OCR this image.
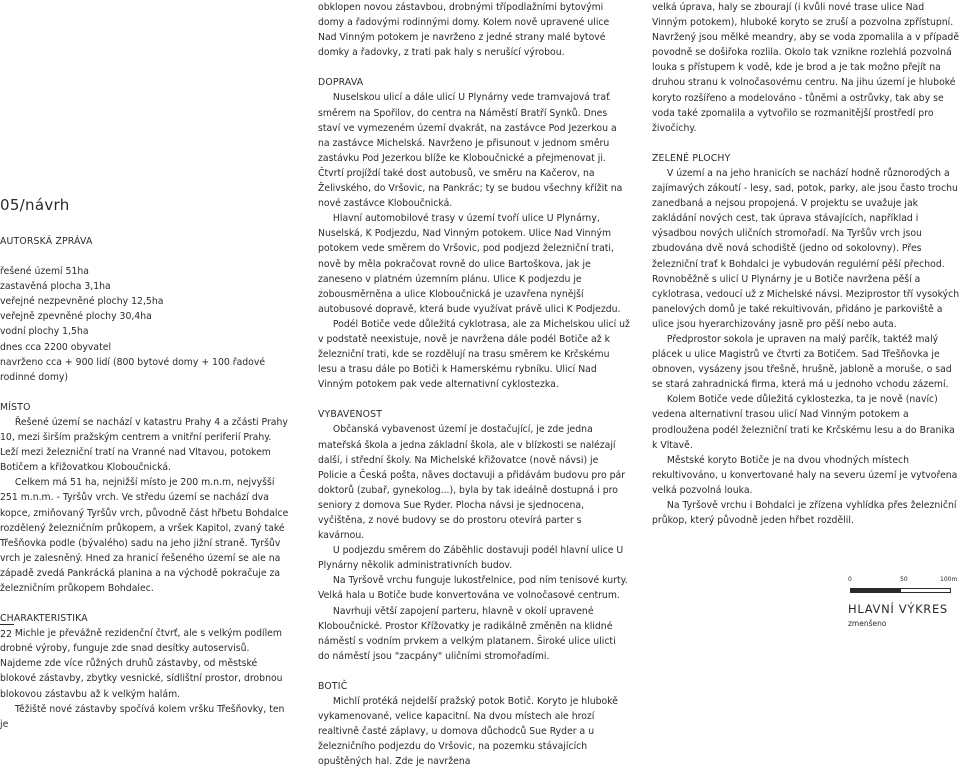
05/návrh

AUTORSKÁ ZPRÁVA

řešené území 51ha

zastavěná plocha 3,1ha

veřejné nezpevněné plochy 12,5ha

veřejně zpevněné plochy 30,4ha

vodní plochy 1,5ha

dnes cca 2200 obyvatel

navrženo cca + 900 lidí (800 bytové domy + 100 řadové rodinné domy)

MÍSTO

Řešené území se nachází v katastru Prahy 4 a zčásti Prahy 10, mezi širším pražským centrem a vnitřní periferií Prahy. Leží mezi železniční tratí na Vranné nad Vltavou, potokem Botičem a křižovatkou Kloboučnická.

Celkem má 51 ha, nejnižší místo je 200 m.n.m, nejvyšší 251 m.n.m. - Tyršův vrch. Ve středu území se nachází dva kopce, zmiňovaný Tyršův vrch, původně část hřbetu Bohdalce rozdělený železničním průkopem, a vršek Kapitol, zvaný také Třešňovka podle (bývalého) sadu na jeho jižní straně. Tyršův vrch je zalesněný. Hned za hranicí řešeného území se ale na západě zvedá Pankrácká planina a na východě pokračuje za železničním průkopem Bohdalec.

CHARAKTERISTIKA

Michle je převážně rezidenční čtvrť, ale s velkým podílem drobné výroby, funguje zde snad desítky autoservisů. Najdeme zde více růžných druhů zástavby, od městské blokové zástavby, zbytky vesnické, sídlištní prostor, drobnou blokovou zástavbu až k velkým halám.

Těžiště nové zástavby spočívá kolem vršku Třešňovky, ten je

22

obklopen novou zástavbou, drobnými třípodlažními bytovými domy a řadovými rodinnými domy. Kolem nově upravené ulice Nad Vinným potokem je navrženo z jedné strany malé bytové domky a řadovky, z trati pak haly s nerušící výrobou.

DOPRAVA

Nuselskou ulicí a dále ulicí U Plynárny vede tramvajová trať směrem na Spořilov, do centra na Náměstí Bratří Synků. Dnes staví ve vymezeném území dvakrát, na zastávce Pod Jezerkou a na zastávce Michelská. Navrženo je přisunout v jednom směru zastávku Pod Jezerkou blíže ke Kloboučnické a přejmenovat ji. Čtvrtí projíždí také dost autobusů, ve směru na Kačerov, na Želivského, do Vršovic, na Pankrác; ty se budou všechny křížit na nové zastávce Kloboučnická.

Hlavní automobilové trasy v území tvoří ulice U Plynárny, Nuselská, K Podjezdu, Nad Vinným potokem. Ulice Nad Vinným potokem vede směrem do Vršovic, pod podjezd železniční trati, nově by měla pokračovat rovně do ulice Bartoškova, jak je zaneseno v platném územním plánu. Ulice K podjezdu je zobousměrněna a ulice Kloboučnická je uzavřena nynější autobusové dopravě, která bude využívat právě ulici K Podjezdu.

Podél Botiče vede důležitá cyklotrasa, ale za Michelskou ulicí už v podstatě neexistuje, nově je navržena dále podél Botiče až k železniční trati, kde se rozdělují na trasu směrem ke Krčskému lesu a trasu dále po Botiči k Hamerskému rybníku. Ulicí Nad Vinným potokem pak vede alternativní cyklostezka.

VYBAVENOST

Občanská vybavenost území je dostačující, je zde jedna mateřská škola a jedna základní škola, ale v blízkosti se nalézají další, i střední školy. Na Michelské křižovatce (nově návsi) je Policie a Česká pošta, nâves doctavuji a přidávám budovu pro pár doktorů (zubař, gynekolog...), byla by tak ideálně dostupná i pro seniory z domova Sue Ryder. Plocha návsi je sjednocena, vyčištěna, z nové budovy se do prostoru otevírá parter s kavárnou.

U podjezdu směrem do Záběhlic dostavuji podél hlavní ulice U Plynárny několik administrativních budov.

Na Tyršově vrchu funguje lukostřelnice, pod ním tenisové kurty. Velká hala u Botiče bude konvertována ve volnočasové centrum.

Navrhuji větší zapojení parteru, hlavně v okolí upravené Kloboučnické. Prostor Křížovatky je radikálně změněn na klidné náměstí s vodním prvkem a velkým platanem. Široké ulice ulicti do náměstí jsou "zacpány" uličními stromořadími.

BOTIČ

Michlí protéká nejdelší pražský potok Botič. Koryto je hlubokě vykamenované, velice kapacitní. Na dvou místech ale hrozí realtivně časté záplavy, u domova důchodců Sue Ryder a u železničního podjezdu do Vršovic, na pozemku stávajících opuštěných hal. Zde je navržena

velká úprava, haly se zbourají (i kvůli nové trase ulice Nad Vinným potokem), hluboké koryto se zruší a pozvolna zpřístupní. Navržený jsou mělké meandry, aby se voda zpomalila a v případě povodně se došiřoka rozlila. Okolo tak vznikne rozlehlá pozvolná louka s přístupem k vodě, kde je brod a je tak možno přejít na druhou stranu k volnočasovému centru. Na jihu území je hluboké koryto rozšířeno a modelováno - tůněmi a ostrůvky, tak aby se voda také zpomalila a vytvořilo se rozmanitější prostředí pro živočichy.

ZELENÉ PLOCHY

V území a na jeho hranicích se nachází hodně různorodých a zajímavých zákoutí - lesy, sad, potok, parky, ale jsou často trochu zanedbaná a nejsou propojená. V projektu se uvažuje jak zakládání nových cest, tak úprava stávajících, například i výsadbou nových uličních stromořadí. Na Tyršův vrch jsou zbudována dvě nová schodiště (jedno od sokolovny). Přes železniční trať k Bohdalci je vybudován regulérní pěší přechod. Rovnoběžně s ulicí U Plynárny je u Botiče navržena pěší a cyklotrasa, vedoucí už z Michelské návsi. Meziprostor tří vysokých panelových domů je také rekultivován, přidáno je parkoviště a ulice jsou hyerarchizovány jasně pro pěší nebo auta.

Předprostor sokola je upraven na malý parčík, taktéž malý plácek u ulice Magistrů ve čtvrti za Botičem. Sad Třešňovka je obnoven, vysázeny jsou třešně, hrušně, jabloně a moruše, o sad se stará zahradnická firma, která má u jednoho vchodu zázemí.

Kolem Botiče vede důležitá cyklostezka, ta je nově (navíc) vedena alternativní trasou ulicí Nad Vinným potokem a prodloužena podél železniční trati ke Krčskému lesu a do Branika k Vltavě.

Městské koryto Botiče je na dvou vhodných místech rekultivováno, u konvertované haly na severu území je vytvořena velká pozvolná louka.

Na Tyršově vrchu i Bohdalci je zřízena vyhlídka přes železniční průkop, který původně jeden hřbet rozdělil.

0	50	100m
HLAVNÍ VÝKRES
zmenšeno
